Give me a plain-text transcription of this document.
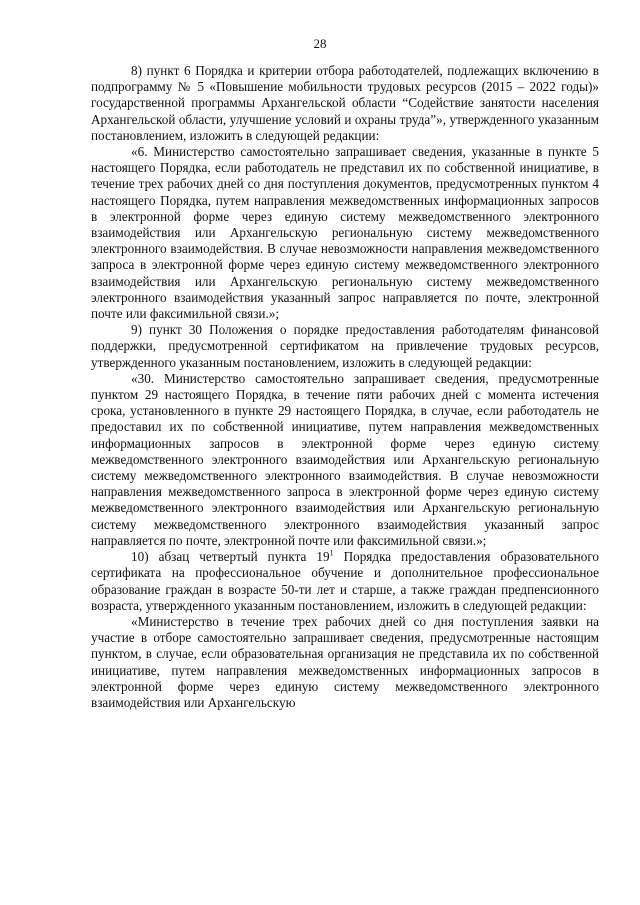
28

8) пункт 6 Порядка и критерии отбора работодателей, подлежащих включению в подпрограмму № 5 «Повышение мобильности трудовых ресурсов (2015 – 2022 годы)» государственной программы Архангельской области “Содействие занятости населения Архангельской области, улучшение условий и охраны труда”», утвержденного указанным постановлением, изложить в следующей редакции:

«6. Министерство самостоятельно запрашивает сведения, указанные в пункте 5 настоящего Порядка, если работодатель не представил их по собственной инициативе, в течение трех рабочих дней со дня поступления документов, предусмотренных пунктом 4 настоящего Порядка, путем направления межведомственных информационных запросов в электронной форме через единую систему межведомственного электронного взаимодействия или Архангельскую региональную систему межведомственного электронного взаимодействия. В случае невозможности направления межведомственного запроса в электронной форме через единую систему межведомственного электронного взаимодействия или Архангельскую региональную систему межведомственного электронного взаимодействия указанный запрос направляется по почте, электронной почте или факсимильной связи.»;

9) пункт 30 Положения о порядке предоставления работодателям финансовой поддержки, предусмотренной сертификатом на привлечение трудовых ресурсов, утвержденного указанным постановлением, изложить в следующей редакции:

«30. Министерство самостоятельно запрашивает сведения, предусмотренные пунктом 29 настоящего Порядка, в течение пяти рабочих дней с момента истечения срока, установленного в пункте 29 настоящего Порядка, в случае, если работодатель не предоставил их по собственной инициативе, путем направления межведомственных информационных запросов в электронной форме через единую систему межведомственного электронного взаимодействия или Архангельскую региональную систему межведомственного электронного взаимодействия. В случае невозможности направления межведомственного запроса в электронной форме через единую систему межведомственного электронного взаимодействия или Архангельскую региональную систему межведомственного электронного взаимодействия указанный запрос направляется по почте, электронной почте или факсимильной связи.»;

10) абзац четвертый пункта $19^1$ Порядка предоставления образовательного сертификата на профессиональное обучение и дополнительное профессиональное образование граждан в возрасте 50-ти лет и старше, а также граждан предпенсионного возраста, утвержденного указанным постановлением, изложить в следующей редакции:

«Министерство в течение трех рабочих дней со дня поступления заявки на участие в отборе самостоятельно запрашивает сведения, предусмотренные настоящим пунктом, в случае, если образовательная организация не представила их по собственной инициативе, путем направления межведомственных информационных запросов в электронной форме через единую систему межведомственного электронного взаимодействия или Архангельскую
